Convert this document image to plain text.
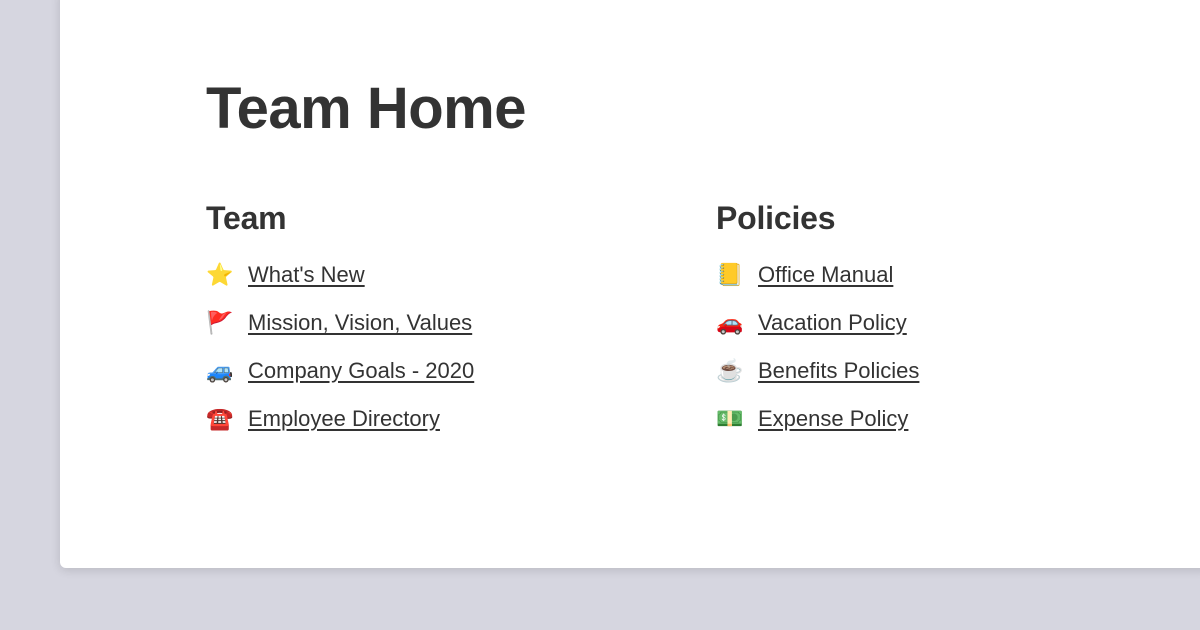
Team Home
Team
⭐ What's New
🚩 Mission, Vision, Values
🚙 Company Goals - 2020
☎️ Employee Directory
Policies
📒 Office Manual
🚗 Vacation Policy
☕ Benefits Policies
💵 Expense Policy
